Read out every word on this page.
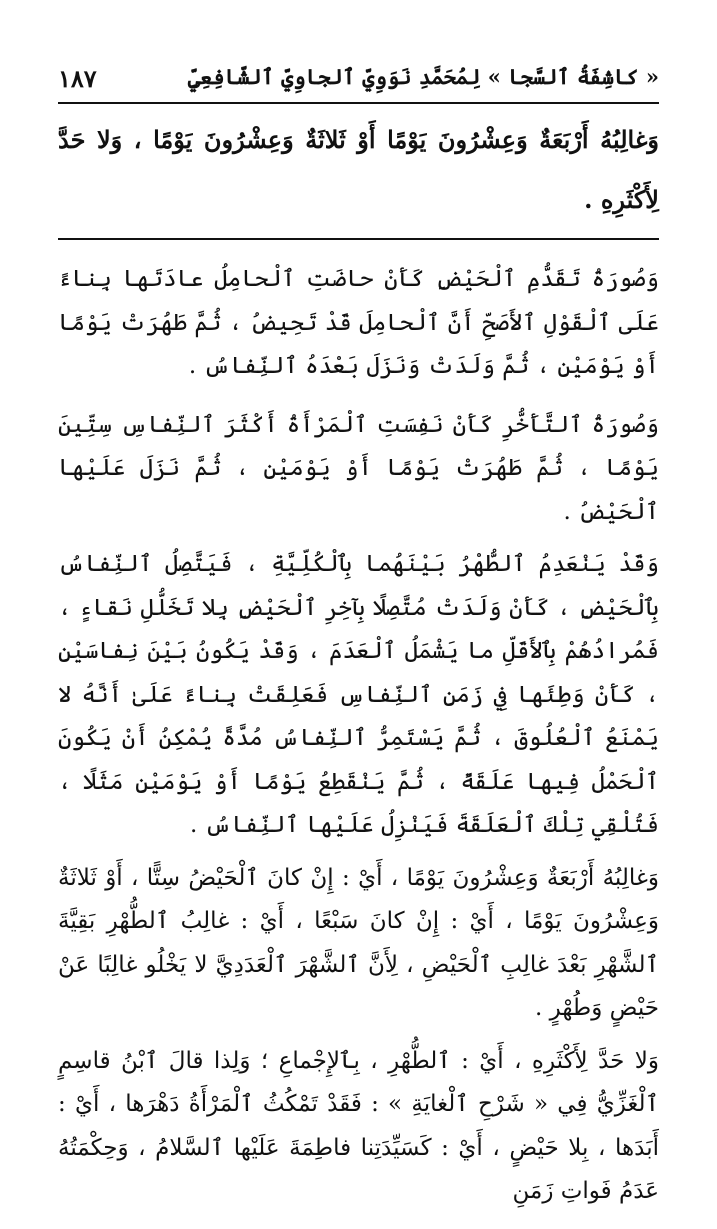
١٨٧	« كاشِفَةُ ٱلسَّجا » لِمُحَمَّدِ نَوَوِيِّ ٱلجاوِيِّ ٱلشّافِعِيِّ
وَغالِبُهُ أَرْبَعَةٌ وَعِشْرُونَ يَوْمًا أَوْ ثَلاثَةٌ وَعِشْرُونَ يَوْمًا ، وَلا حَدَّ لِأَكْثَرِهِ .

وَصُورَةُ تَقَدُّمِ ٱلْحَيْضِ كَأَنْ حاضَتِ ٱلْحامِلُ عادَتَها بِناءً عَلَى ٱلْقَوْلِ ٱلأَصَحِّ أَنَّ ٱلْحامِلَ قَدْ تَحِيضُ ، ثُمَّ طَهُرَتْ يَوْمًا أَوْ يَوْمَيْنِ ، ثُمَّ وَلَدَتْ وَنَزَلَ بَعْدَهُ ٱلنِّفاسُ .

وَصُورَةُ ٱلتَّأَخُّرِ كَأَنْ نَفِسَتِ ٱلْمَرْأَةُ أَكْثَرَ ٱلنِّفاسِ سِتِّينَ يَوْمًا ، ثُمَّ طَهُرَتْ يَوْمًا أَوْ يَوْمَيْنِ ، ثُمَّ نَزَلَ عَلَيْها ٱلْحَيْضُ .

وَقَدْ يَنْعَدِمُ ٱلطُّهْرُ بَيْنَهُما بِٱلْكُلِّيَّةِ ، فَيَتَّصِلُ ٱلنِّفاسُ بِٱلْحَيْضِ ، كَأَنْ وَلَدَتْ مُتَّصِلًا بِآخِرِ ٱلْحَيْضِ بِلا تَخَلُّلِ نَقاءٍ ، فَمُرادُهُمْ بِٱلأَقَلِّ ما يَشْمَلُ ٱلْعَدَمَ ، وَقَدْ يَكُونُ بَيْنَ نِفاسَيْنِ ، كَأَنْ وَطِئَها فِي زَمَنِ ٱلنِّفاسِ فَعَلِقَتْ بِناءً عَلَىٰ أَنَّهُ لا يَمْنَعُ ٱلْعُلُوقَ ، ثُمَّ يَسْتَمِرُّ ٱلنِّفاسُ مُدَّةً يُمْكِنُ أَنْ يَكُونَ ٱلْحَمْلُ فِيها عَلَقَةً ، ثُمَّ يَنْقَطِعُ يَوْمًا أَوْ يَوْمَيْنِ مَثَلًا ، فَتُلْقِي تِلْكَ ٱلْعَلَقَةَ فَيَنْزِلُ عَلَيْها ٱلنِّفاسُ .

وَغالِبُهُ أَرْبَعَةٌ وَعِشْرُونَ يَوْمًا ، أَيْ : إِنْ كانَ ٱلْحَيْضُ سِتًّا ، أَوْ ثَلاثَةٌ وَعِشْرُونَ يَوْمًا ، أَيْ : إِنْ كانَ سَبْعًا ، أَيْ : غالِبُ ٱلطُّهْرِ بَقِيَّةَ ٱلشَّهْرِ بَعْدَ غالِبِ ٱلْحَيْضِ ، لِأَنَّ ٱلشَّهْرَ ٱلْعَدَدِيَّ لا يَخْلُو غالِبًا عَنْ حَيْضٍ وَطُهْرٍ .

وَلا حَدَّ لِأَكْثَرِهِ ، أَيْ : ٱلطُّهْرِ ، بِٱلإِجْماعِ ؛ وَلِذا قالَ ٱبْنُ قاسِمٍ ٱلْغَزِّيُّ فِي « شَرْحِ ٱلْغايَةِ » : فَقَدْ تَمْكُثُ ٱلْمَرْأَةُ دَهْرَها ، أَيْ : أَبَدَها ، بِلا حَيْضٍ ، أَيْ : كَسَيِّدَتِنا فاطِمَةَ عَلَيْها ٱلسَّلامُ ، وَحِكْمَتُهُ عَدَمُ فَواتِ زَمَنِ
